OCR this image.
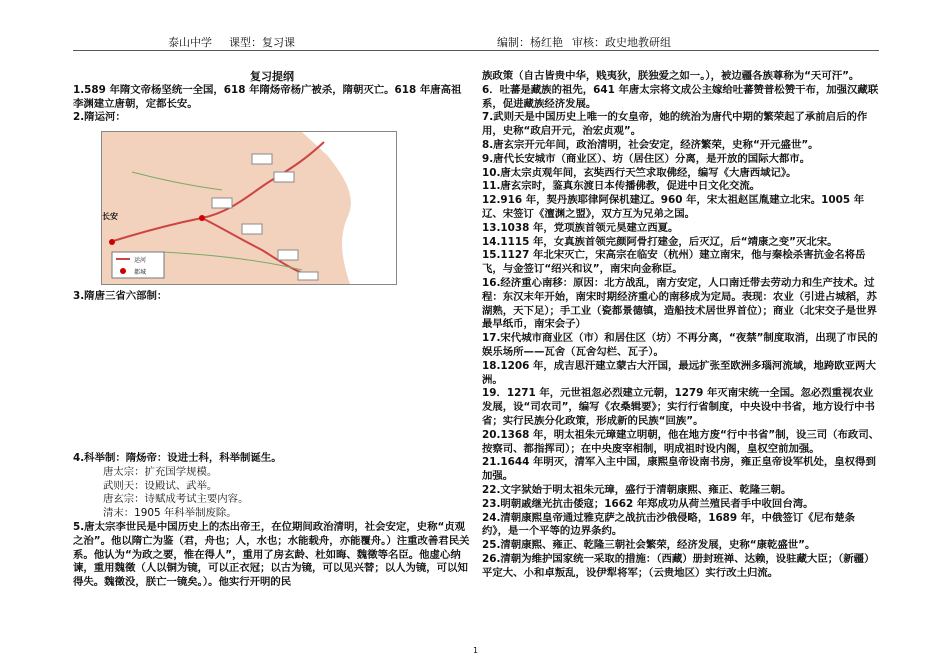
泰山中学 课型：复习课	编制：杨红艳 审核：政史地教研组
复习提纲

1.589 年隋文帝杨坚统一全国，618 年隋炀帝杨广被杀，隋朝灭亡。618 年唐高祖李渊建立唐朝，定都长安。

2.隋运河：

长安
运河
都城

3.隋唐三省六部制：

4.科举制：隋炀帝：设进士科，科举制诞生。

唐太宗：扩充国学规模。
武则天：设殿试、武举。
唐玄宗：诗赋成考试主要内容。
清末：1905 年科举制废除。

5.唐太宗李世民是中国历史上的杰出帝王，在位期间政治清明，社会安定，史称“贞观之治”。他以隋亡为鉴（君，舟也；人，水也；水能载舟，亦能覆舟。）注重改善君民关系。他认为“为政之要，惟在得人”，重用了房玄龄、杜如晦、魏徵等名臣。他虚心纳谏，重用魏徵（人以铜为镜，可以正衣冠；以古为镜，可以见兴替；以人为镜，可以知得失。魏徵没，朕亡一镜矣。）。他实行开明的民

族政策（自古皆贵中华，贱夷狄，朕独爱之如一。），被边疆各族尊称为“天可汗”。

6．吐蕃是藏族的祖先，641 年唐太宗将文成公主嫁给吐蕃赞普松赞干布，加强汉藏联系，促进藏族经济发展。

7.武则天是中国历史上唯一的女皇帝，她的统治为唐代中期的繁荣起了承前启后的作用，史称“政启开元，治宏贞观”。

8.唐玄宗开元年间，政治清明，社会安定，经济繁荣，史称“开元盛世”。

9.唐代长安城市（商业区）、坊（居住区）分离，是开放的国际大都市。

10.唐太宗贞观年间，玄奘西行天竺求取佛经，编写《大唐西域记》。

11.唐玄宗时，鉴真东渡日本传播佛教，促进中日文化交流。

12.916 年，契丹族耶律阿保机建辽。960 年，宋太祖赵匡胤建立北宋。1005 年辽、宋签订《澶渊之盟》，双方互为兄弟之国。

13.1038 年，党项族首领元昊建立西夏。

14.1115 年，女真族首领完颜阿骨打建金，后灭辽，后“靖康之变”灭北宋。

15.1127 年北宋灭亡，宋高宗在临安（杭州）建立南宋，他与秦桧杀害抗金名将岳飞，与金签订“绍兴和议”，南宋向金称臣。

16.经济重心南移：原因：北方战乱，南方安定，人口南迁带去劳动力和生产技术。过程：东汉末年开始，南宋时期经济重心的南移成为定局。表现：农业（引进占城稻，苏湖熟，天下足）；手工业（瓷都景德镇，造船技术居世界首位）；商业（北宋交子是世界最早纸币，南宋会子）

17.宋代城市商业区（市）和居住区（坊）不再分离，“夜禁”制度取消，出现了市民的娱乐场所——瓦舍（瓦舍勾栏、瓦子）。

18.1206 年，成吉思汗建立蒙古大汗国，最远扩张至欧洲多瑙河流域，地跨欧亚两大洲。

19．1271 年，元世祖忽必烈建立元朝，1279 年灭南宋统一全国。忽必烈重视农业发展，设“司农司”，编写《农桑辑要》；实行行省制度，中央设中书省，地方设行中书省；实行民族分化政策，形成新的民族“回族”。

20.1368 年，明太祖朱元璋建立明朝，他在地方废“行中书省”制，设三司（布政司、按察司、都指挥司）；在中央废宰相制，明成祖时设内阁，皇权空前加强。

21.1644 年明灭，清军入主中国，康熙皇帝设南书房，雍正皇帝设军机处，皇权得到加强。

22.文字狱始于明太祖朱元璋，盛行于清朝康熙、雍正、乾隆三朝。

23.明朝戚继光抗击倭寇；1662 年郑成功从荷兰殖民者手中收回台湾。

24.清朝康熙皇帝通过雅克萨之战抗击沙俄侵略，1689 年，中俄签订《尼布楚条约》，是一个平等的边界条约。

25.清朝康熙、雍正、乾隆三朝社会繁荣，经济发展，史称“康乾盛世”。

26.清朝为维护国家统一采取的措施：（西藏）册封班禅、达赖，设驻藏大臣；（新疆）平定大、小和卓叛乱，设伊犁将军；（云贵地区）实行改土归流。

1
